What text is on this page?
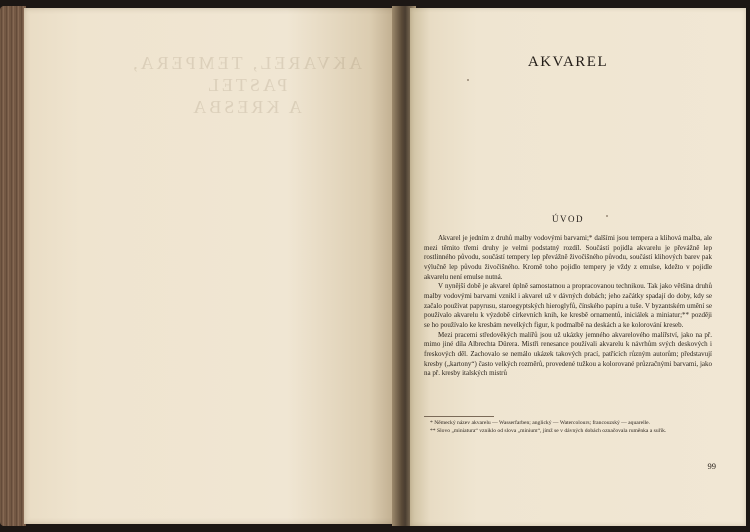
AKVAREL, TEMPERA, PASTEL
A KRESBA
AKVAREL
ÚVOD

Akvarel je jedním z druhů malby vodovými barvami;* dalšími jsou tempera a klihová malba, ale mezi těmito třemi druhy je velmi podstatný rozdíl. Součástí pojidla akvarelu je převážně lep rostlinného původu, součástí tempery lep převážně živočišného původu, součástí klihových barev pak výlučně lep původu živočišného. Kromě toho pojidlo tempery je vždy z emulse, kdežto v pojidle akvarelu není emulse nutná.

V nynější době je akvarel úplně samostatnou a propracovanou technikou. Tak jako většina druhů malby vodovými barvami vznikl i akvarel už v dávných dobách; jeho začátky spadají do doby, kdy se začalo používat papyrusu, staroegyptských hieroglyfů, čínského papíru a tuše. V byzantském umění se používalo akvarelu k výzdobě církevních knih, ke kresbě ornamentů, iniciálek a miniatur;** později se ho používalo ke kresbám nevelkých figur, k podmalbě na deskách a ke kolorování kreseb.

Mezi pracemi středověkých malířů jsou už ukázky jemného akvarelového malířství, jako na př. mimo jiné díla Albrechta Dürera. Mistři renesance používali akvarelu k návrhům svých deskových i freskových děl. Zachovalo se nemálo ukázek takových prací, patřících různým autorům; představují kresby („kartony“) často velkých rozměrů, provedené tužkou a kolorované průzračnými barvami, jako na př. kresby italských mistrů

* Německý název akvarelu — Wasserfarben; anglický — Watercolours; francouzský — aquarelle.

** Slovo „miniatura“ vzniklo od slova „minium“, jímž se v dávných dobách označovala ruměnka a suřík.

99
